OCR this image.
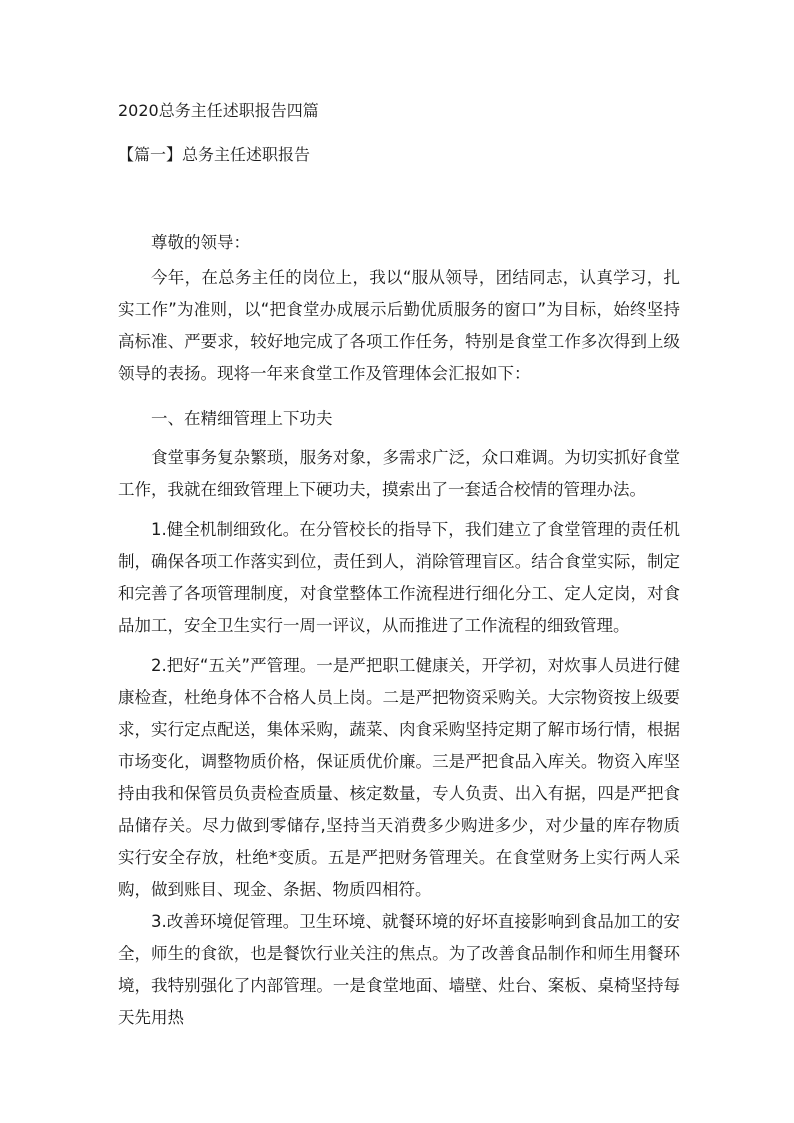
2020总务主任述职报告四篇
【篇一】总务主任述职报告

尊敬的领导：

今年，在总务主任的岗位上，我以“服从领导，团结同志，认真学习，扎实工作”为准则，以“把食堂办成展示后勤优质服务的窗口”为目标，始终坚持高标准、严要求，较好地完成了各项工作任务，特别是食堂工作多次得到上级领导的表扬。现将一年来食堂工作及管理体会汇报如下：

一、在精细管理上下功夫

食堂事务复杂繁琐，服务对象，多需求广泛，众口难调。为切实抓好食堂工作，我就在细致管理上下硬功夫，摸索出了一套适合校情的管理办法。

1.健全机制细致化。在分管校长的指导下，我们建立了食堂管理的责任机制，确保各项工作落实到位，责任到人，消除管理盲区。结合食堂实际，制定和完善了各项管理制度，对食堂整体工作流程进行细化分工、定人定岗，对食品加工，安全卫生实行一周一评议，从而推进了工作流程的细致管理。

2.把好“五关”严管理。一是严把职工健康关，开学初，对炊事人员进行健康检查，杜绝身体不合格人员上岗。二是严把物资采购关。大宗物资按上级要求，实行定点配送，集体采购，蔬菜、肉食采购坚持定期了解市场行情，根据市场变化，调整物质价格，保证质优价廉。三是严把食品入库关。物资入库坚持由我和保管员负责检查质量、核定数量，专人负责、出入有据，四是严把食品储存关。尽力做到零储存,坚持当天消费多少购进多少，对少量的库存物质实行安全存放，杜绝*变质。五是严把财务管理关。在食堂财务上实行两人采购，做到账目、现金、条据、物质四相符。

3.改善环境促管理。卫生环境、就餐环境的好坏直接影响到食品加工的安全，师生的食欲，也是餐饮行业关注的焦点。为了改善食品制作和师生用餐环境，我特别强化了内部管理。一是食堂地面、墙壁、灶台、案板、桌椅坚持每天先用热
